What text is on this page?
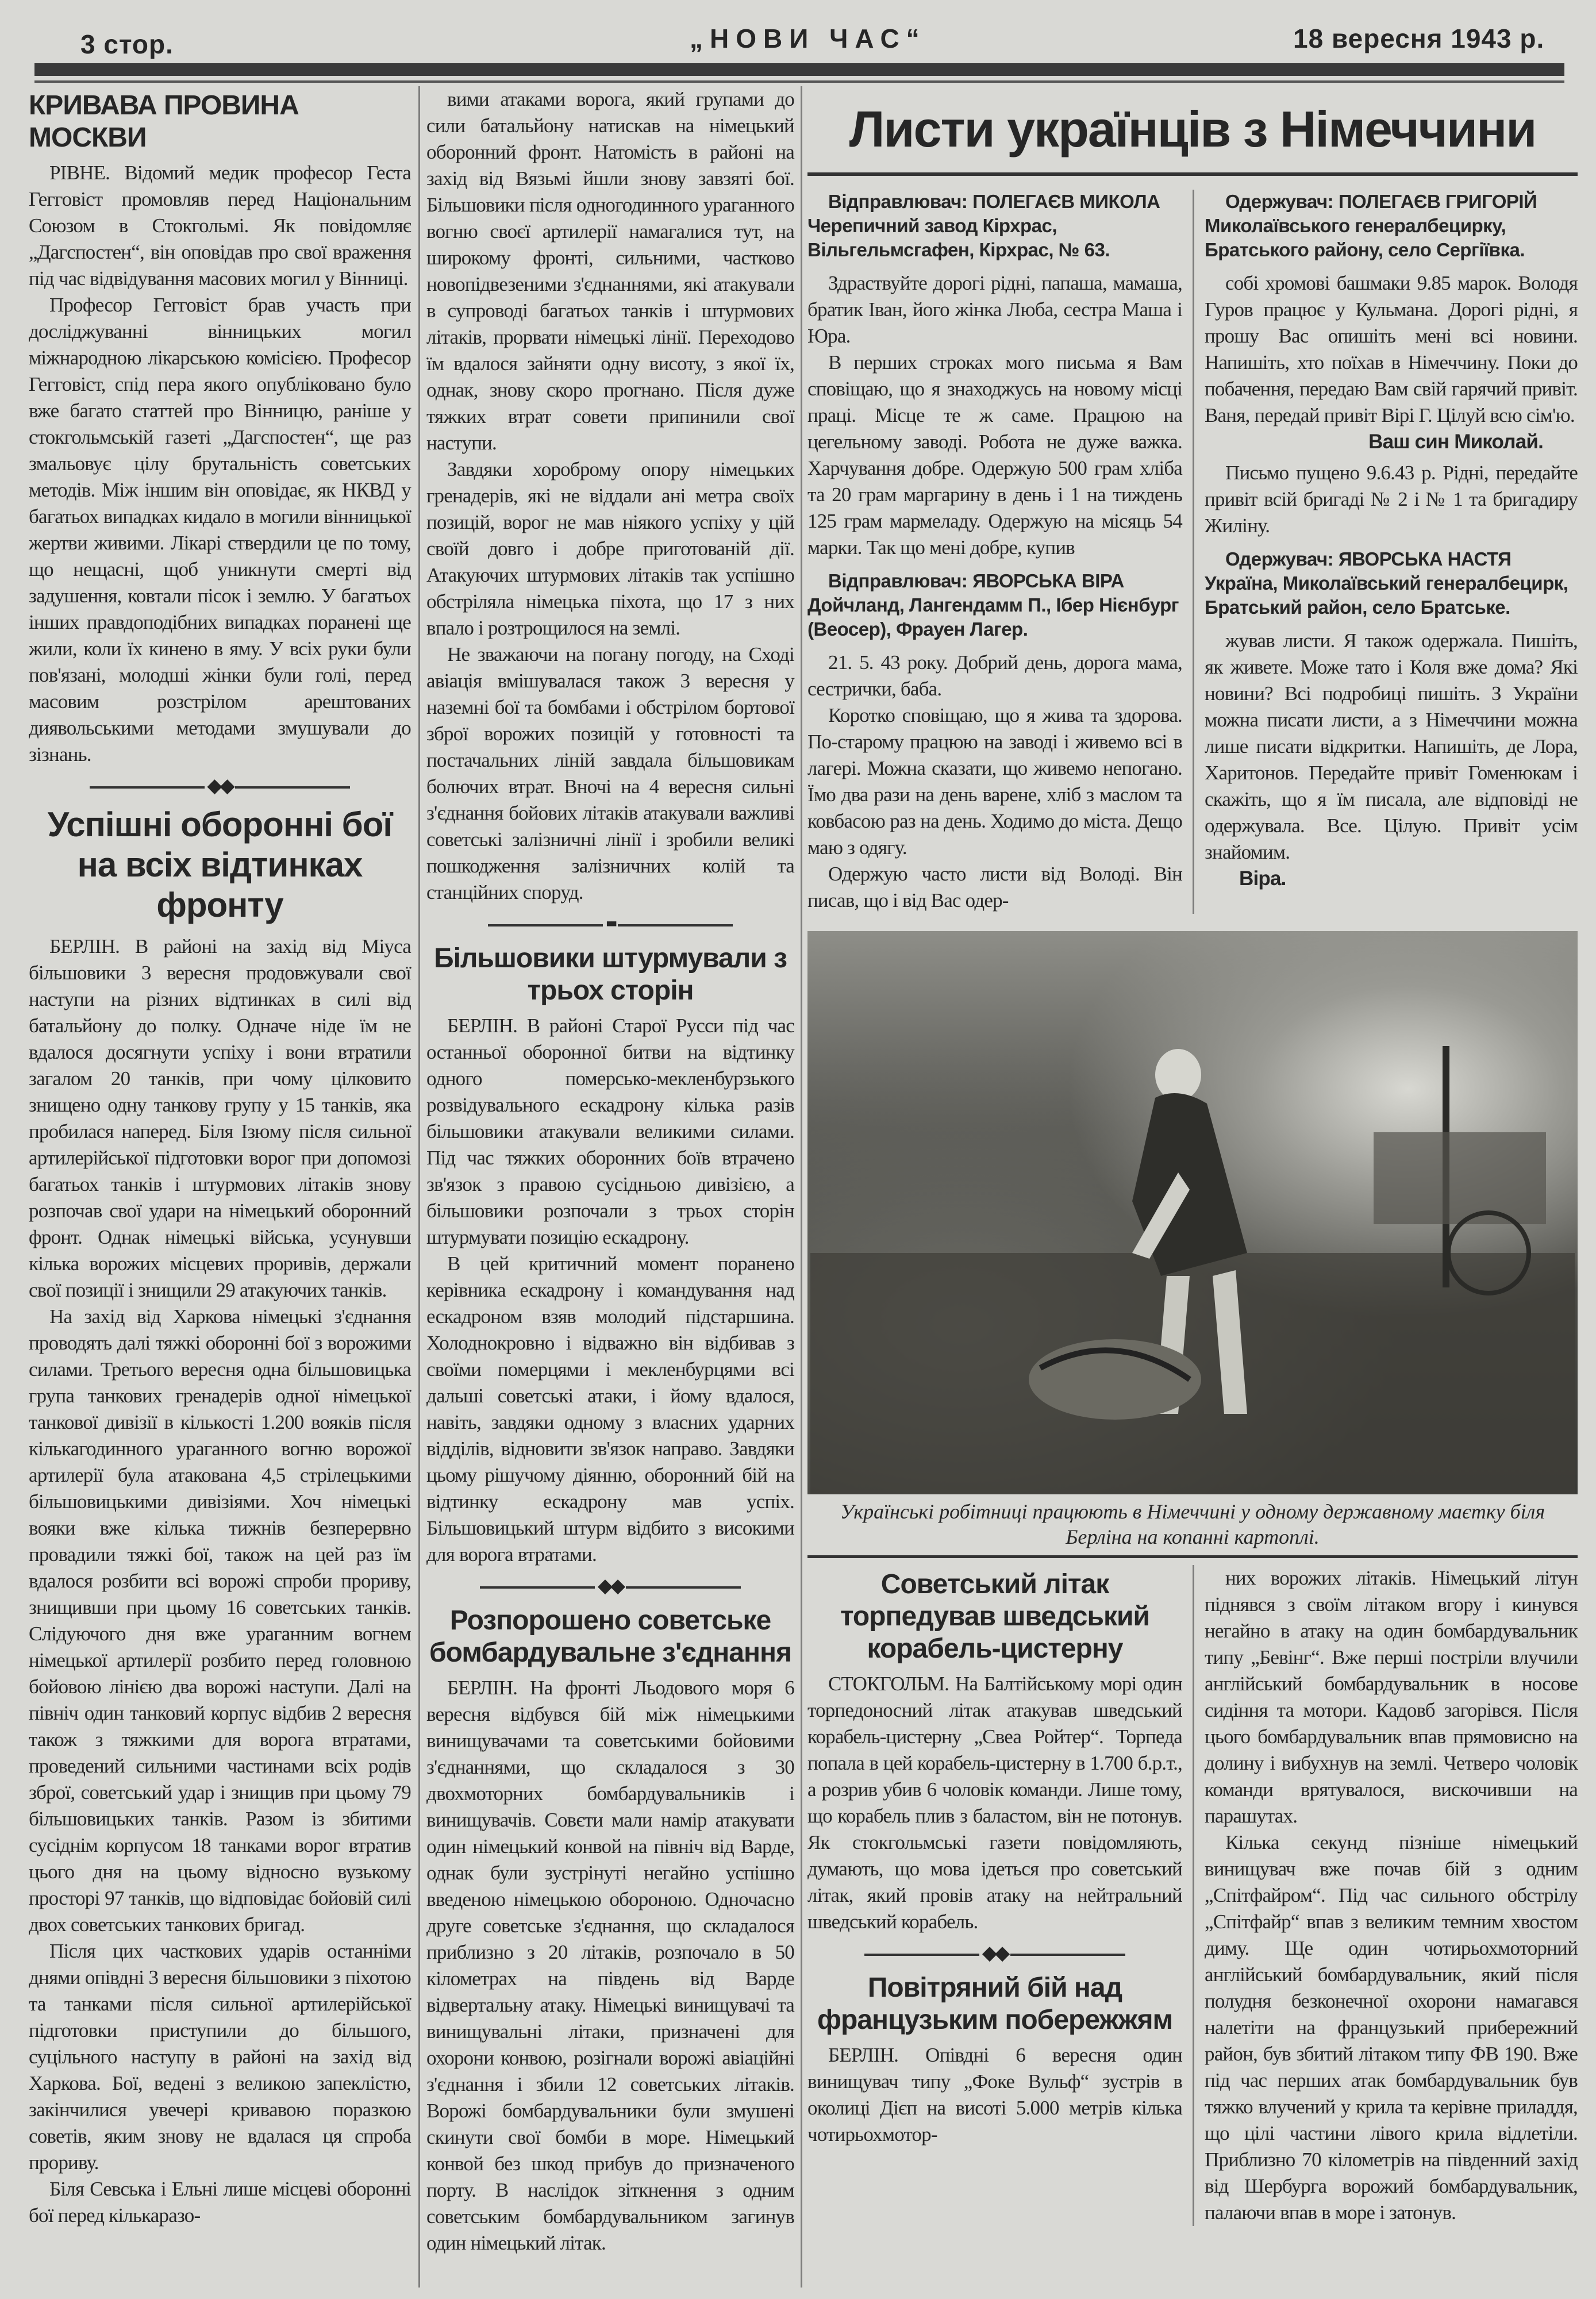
3 стор.	„НОВИ ЧАС“	18 вересня 1943 р.
КРИВАВА ПРОВИНА МОСКВИ

РІВНЕ. Відомий медик професор Геста Гегговіст промовляв перед Національним Союзом в Стокгольмі. Як повідомляє „Дагспостен“, він оповідав про свої враження під час відвідування масових могил у Вінниці.

Професор Гегговіст брав участь при досліджуванні вінницьких могил міжнародною лікарською комісією. Професор Гегговіст, спід пера якого опубліковано було вже багато статтей про Вінницю, раніше у стокгольмській газеті „Дагспостен“, ще раз змальовує цілу брутальність советських методів. Між іншим він оповідає, як НКВД у багатьох випадках кидало в могили вінницької жертви живими. Лікарі ствердили це по тому, що нещасні, щоб уникнути смерті від задушення, ковтали пісок і землю. У багатьох інших правдоподібних випадках поранені ще жили, коли їх кинено в яму. У всіх руки були пов'язані, молодші жінки були голі, перед масовим розстрілом арештованих диявольськими методами змушували до зізнань.

◆◆
Успішні оборонні бої на всіх відтинках фронту

БЕРЛІН. В районі на захід від Міуса більшовики 3 вересня продовжували свої наступи на різних відтинках в силі від батальйону до полку. Одначе ніде їм не вдалося досягнути успіху і вони втратили загалом 20 танків, при чому цілковито знищено одну танкову групу у 15 танків, яка пробилася наперед. Біля Ізюму після сильної артилерійської підготовки ворог при допомозі багатьох танків і штурмових літаків знову розпочав свої удари на німецький оборонний фронт. Однак німецькі війська, усунувши кілька ворожих місцевих проривів, держали свої позиції і знищили 29 атакуючих танків.

На захід від Харкова німецькі з'єднання проводять далі тяжкі оборонні бої з ворожими силами. Третього вересня одна більшовицька група танкових гренадерів одної німецької танкової дивізії в кількості 1.200 вояків після кількагодинного ураганного вогню ворожої артилерії була атакована 4,5 стрілецькими більшовицькими дивізіями. Хоч німецькі вояки вже кілька тижнів безперервно провадили тяжкі бої, також на цей раз їм вдалося розбити всі ворожі спроби прориву, знищивши при цьому 16 советських танків. Слідуючого дня вже ураганним вогнем німецької артилерії розбито перед головною бойовою лінією два ворожі наступи. Далі на північ один танковий корпус відбив 2 вересня також з тяжкими для ворога втратами, проведений сильними частинами всіх родів зброї, советський удар і знищив при цьому 79 більшовицьких танків. Разом із збитими сусіднім корпусом 18 танками ворог втратив цього дня на цьому відносно вузькому просторі 97 танків, що відповідає бойовій силі двох советських танкових бригад.

Після цих часткових ударів останніми днями опівдні 3 вересня більшовики з піхотою та танками після сильної артилерійської підготовки приступили до більшого, суцільного наступу в районі на захід від Харкова. Бої, ведені з великою запеклістю, закінчилися увечері кривавою поразкою советів, яким знову не вдалася ця спроба прориву.

Біля Севська і Ельні лише місцеві оборонні бої перед кількаразо-

вими атаками ворога, який групами до сили батальйону натискав на німецький оборонний фронт. Натомість в районі на захід від Вязьмі йшли знову завзяті бої. Більшовики після одногодинного ураганного вогню своєї артилерії намагалися тут, на широкому фронті, сильними, частково новопідвезеними з'єднаннями, які атакували в супроводі багатьох танків і штурмових літаків, прорвати німецькі лінії. Переходово їм вдалося зайняти одну висоту, з якої їх, однак, знову скоро прогнано. Після дуже тяжких втрат совети припинили свої наступи.

Завдяки хороброму опору німецьких гренадерів, які не віддали ані метра своїх позицій, ворог не мав ніякого успіху у цій своїй довго і добре приготованій дії. Атакуючих штурмових літаків так успішно обстріляла німецька піхота, що 17 з них впало і розтрощилося на землі.

Не зважаючи на погану погоду, на Сході авіація вмішувалася також 3 вересня у наземні бої та бомбами і обстрілом бортової зброї ворожих позицій у готовності та постачальних ліній завдала більшовикам болючих втрат. Вночі на 4 вересня сильні з'єднання бойових літаків атакували важливі советські залізничні лінії і зробили великі пошкодження залізничних колій та станційних споруд.

▪▪
Більшовики штурмували з трьох сторін

БЕРЛІН. В районі Старої Русси під час останньої оборонної битви на відтинку одного померсько-мекленбурзького розвідувального ескадрону кілька разів більшовики атакували великими силами. Під час тяжких оборонних боїв втрачено зв'язок з правою сусідньою дивізією, а більшовики розпочали з трьох сторін штурмувати позицію ескадрону.

В цей критичний момент поранено керівника ескадрону і командування над ескадроном взяв молодий підстаршина. Холоднокровно і відважно він відбивав з своїми померцями і мекленбурцями всі дальші советські атаки, і йому вдалося, навіть, завдяки одному з власних ударних відділів, відновити зв'язок направо. Завдяки цьому рішучому діянню, оборонний бій на відтинку ескадрону мав успіх. Більшовицький штурм відбито з високими для ворога втратами.

◆◆
Розпорошено советське бомбардувальне з'єднання

БЕРЛІН. На фронті Льодового моря 6 вересня відбувся бій між німецькими винищувачами та советськими бойовими з'єднаннями, що складалося з 30 двохмоторних бомбардувальників і винищувачів. Совєти мали намір атакувати один німецький конвой на північ від Варде, однак були зустрінуті негайно успішно введеною німецькою обороною. Одночасно друге советське з'єднання, що складалося приблизно з 20 літаків, розпочало в 50 кілометрах на південь від Варде відвертальну атаку. Німецькі винищувачі та винищувальні літаки, призначені для охорони конвою, розігнали ворожі авіаційні з'єднання і збили 12 советських літаків. Ворожі бомбардувальники були змушені скинути свої бомби в море. Німецький конвой без шкод прибув до призначеного порту. В наслідок зіткнення з одним советським бомбардувальником загинув один німецький літак.

Листи українців з Німеччини
Відправлювач: ПОЛЕГАЄВ МИКОЛА
Черепичний завод Кірхрас, Вільгельмсгафен, Кірхрас, № 63.

Здраствуйте дорогі рідні, папаша, мамаша, братик Іван, його жінка Люба, сестра Маша і Юра.

В перших строках мого письма я Вам сповіщаю, що я знаходжусь на новому місці праці. Місце те ж саме. Працюю на цегельному заводі. Робота не дуже важка. Харчування добре. Одержую 500 грам хліба та 20 грам маргарину в день і 1 на тиждень 125 грам мармеладу. Одержую на місяць 54 марки. Так що мені добре, купив

Відправлювач: ЯВОРСЬКА ВІРА
Дойчланд, Лангендамм П., Ібер Нієнбург (Веосер), Фрауен Лагер.

21. 5. 43 року. Добрий день, дорога мама, сестрички, баба.

Коротко сповіщаю, що я жива та здорова. По-старому працюю на заводі і живемо всі в лагері. Можна сказати, що живемо непогано. Їмо два рази на день варене, хліб з маслом та ковбасою раз на день. Ходимо до міста. Дещо маю з одягу.

Одержую часто листи від Володі. Він писав, що і від Вас одер-

Одержувач: ПОЛЕГАЄВ ГРИГОРІЙ
Миколаївського генералбецирку, Братського району, село Сергіївка.

собі хромові башмаки 9.85 марок. Володя Гуров працює у Кульмана. Дорогі рідні, я прошу Вас опишіть мені всі новини. Напишіть, хто поїхав в Німеччину. Поки до побачення, передаю Вам свій гарячий привіт. Ваня, передай привіт Вірі Г. Цілуй всю сім'ю.

Ваш син Миколай.

Письмо пущено 9.6.43 р. Рідні, передайте привіт всій бригаді № 2 і № 1 та бригадиру Жиліну.

Одержувач: ЯВОРСЬКА НАСТЯ
Україна, Миколаївський генералбецирк, Братський район, село Братське.

жував листи. Я також одержала. Пишіть, як живете. Може тато і Коля вже дома? Які новини? Всі подробиці пишіть. З України можна писати листи, а з Німеччини можна лише писати відкритки. Напишіть, де Лора, Харитонов. Передайте привіт Гоменюкам і скажіть, що я їм писала, але відповіді не одержувала. Все. Цілую. Привіт усім знайомим.

Віра.
Українські робітниці працюють в Німеччині у одному державному маєтку біля Берліна на копанні картоплі.
Советський літак торпедував шведський корабель-цистерну

СТОКГОЛЬМ. На Балтійському морі один торпедоносний літак атакував шведський корабель-цистерну „Свеа Ройтер“. Торпеда попала в цей корабель-цистерну в 1.700 б.р.т., а розрив убив 6 чоловік команди. Лише тому, що корабель плив з баластом, він не потонув. Як стокгольмські газети повідомляють, думають, що мова ідеться про советський літак, який провів атаку на нейтральний шведський корабель.

◆◆
Повітряний бій над французьким побережжям

БЕРЛІН. Опівдні 6 вересня один винищувач типу „Фоке Вульф“ зустрів в околиці Дієп на висоті 5.000 метрів кілька чотирьохмотор-

них ворожих літаків. Німецький літун піднявся з своїм літаком вгору і кинувся негайно в атаку на один бомбардувальник типу „Бевінг“. Вже перші постріли влучили англійський бомбардувальник в носове сидіння та мотори. Кадовб загорівся. Після цього бомбардувальник впав прямовисно на долину і вибухнув на землі. Четверо чоловік команди врятувалося, вискочивши на парашутах.

Кілька секунд пізніше німецький винищувач вже почав бій з одним „Спітфайром“. Під час сильного обстрілу „Спітфайр“ впав з великим темним хвостом диму. Ще один чотирьохмоторний англійський бомбардувальник, який після полудня безконечної охорони намагався налетіти на французький прибережний район, був збитий літаком типу ФВ 190. Вже під час перших атак бомбардувальник був тяжко влучений у крила та керівне приладдя, що цілі частини лівого крила відлетіли. Приблизно 70 кілометрів на південний захід від Шербурга ворожий бомбардувальник, палаючи впав в море і затонув.
